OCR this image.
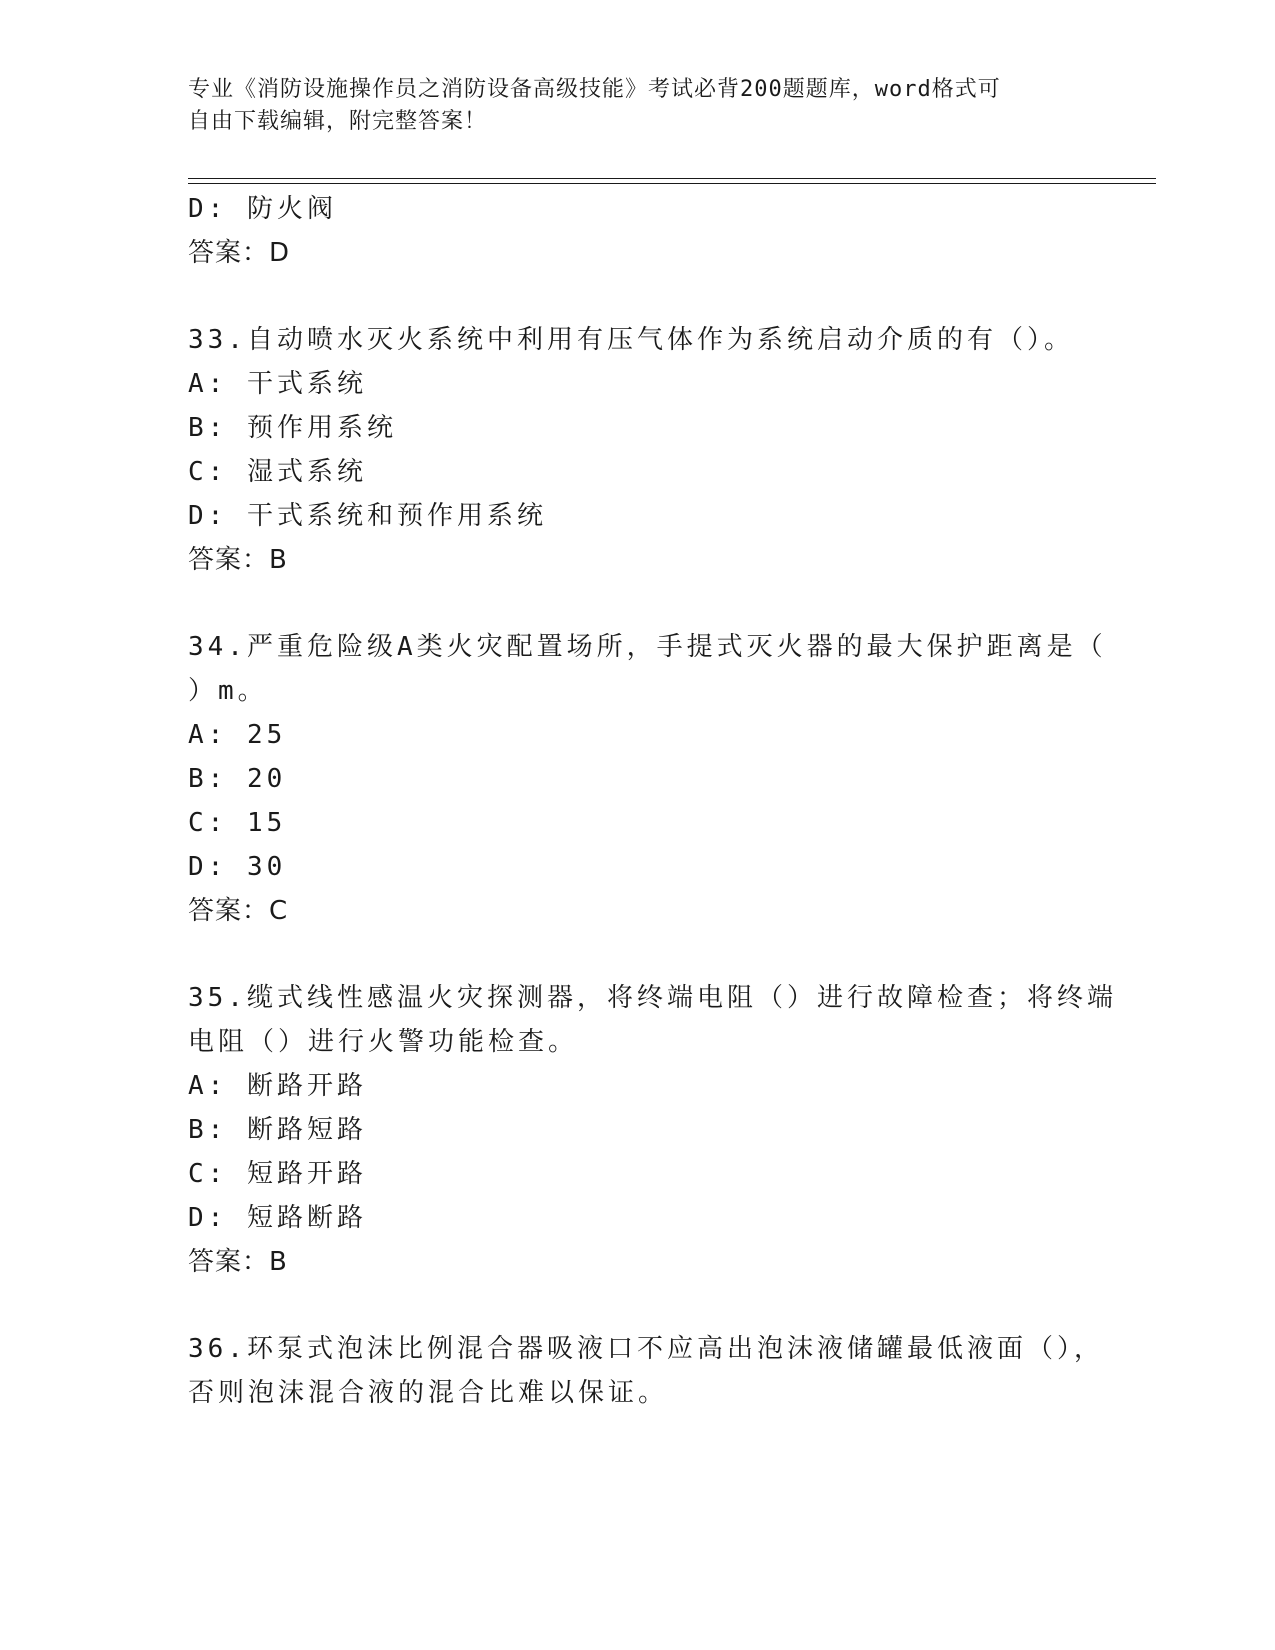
专业《消防设施操作员之消防设备高级技能》考试必背200题题库，word格式可
自由下载编辑，附完整答案！
D: 防火阀
答案：D
33.自动喷水灭火系统中利用有压气体作为系统启动介质的有（）。
A: 干式系统
B: 预作用系统
C: 湿式系统
D: 干式系统和预作用系统
答案：B
34.严重危险级A类火灾配置场所，手提式灭火器的最大保护距离是（
）m。
A: 25
B: 20
C: 15
D: 30
答案：C
35.缆式线性感温火灾探测器，将终端电阻（）进行故障检查；将终端
电阻（）进行火警功能检查。
A: 断路开路
B: 断路短路
C: 短路开路
D: 短路断路
答案：B
36.环泵式泡沫比例混合器吸液口不应高出泡沫液储罐最低液面（），
否则泡沫混合液的混合比难以保证。
